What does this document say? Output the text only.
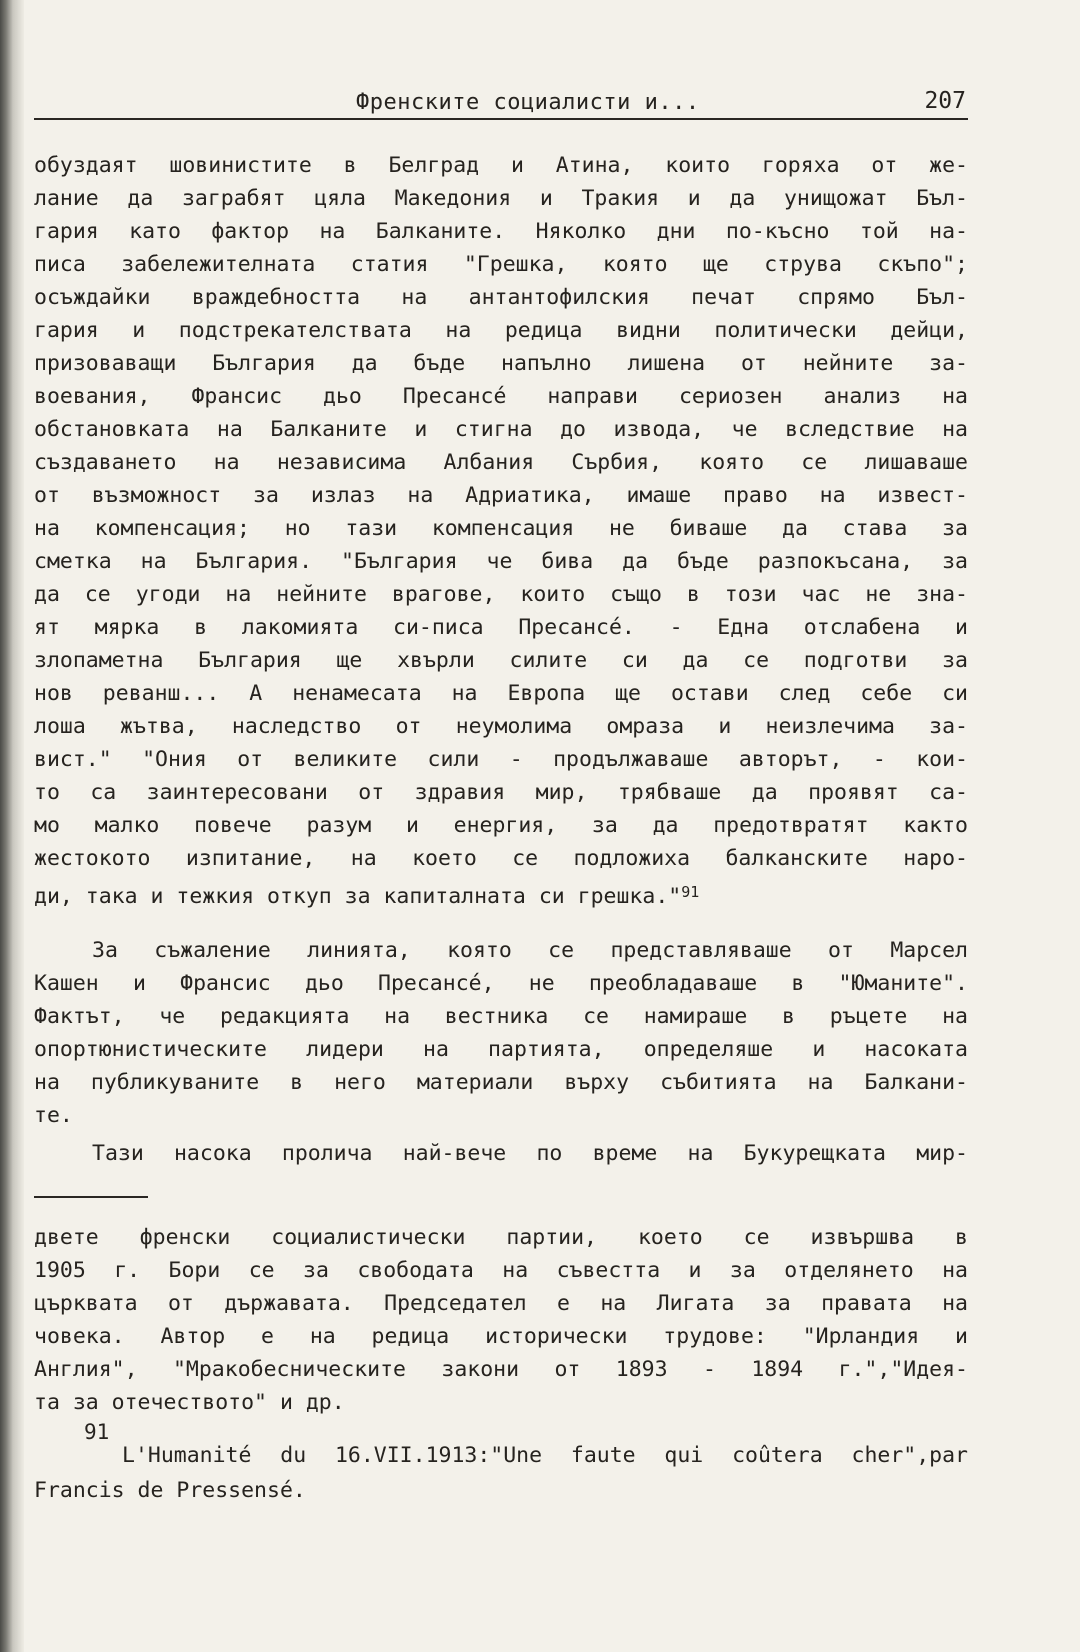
Френските социалисти и...	207
обуздаят шовинистите в Белград и Атина, които горяха от же-
лание да заграбят цяла Македония и Тракия и да унищожат Бъл-
гария като фактор на Балканите. Няколко дни по-късно той на-
писа забележителната статия "Грешка, която ще струва скъпо";
осъждайки враждебността на антантофилския печат спрямо Бъл-
гария и подстрекателствата на редица видни политически дейци,
призоваващи България да бъде напълно лишена от нейните за-
воевания, Франсис дьо Пресансé направи сериозен анализ на
обстановката на Балканите и стигна до извода, че вследствие на
създаването на независима Албания Сърбия, която се лишаваше
от възможност за излаз на Адриатика, имаше право на извест-
на компенсация; но тази компенсация не биваше да става за
сметка на България. "България че бива да бъде разпокъсана, за
да се угоди на нейните врагове, които също в този час не зна-
ят мярка в лакомията си-писа Пресансé. - Една отслабена и
злопаметна България ще хвърли силите си да се подготви за
нов реванш... А ненамесата на Европа ще остави след себе си
лоша жътва, наследство от неумолима омраза и неизлечима за-
вист." "Ония от великите сили - продължаваше авторът, - кои-
то са заинтересовани от здравия мир, трябваше да проявят са-
мо малко повече разум и енергия, за да предотвратят както
жестокото изпитание, на което се подложиха балканските наро-
ди, така и тежкия откуп за капиталната си грешка."$^{91}$
За съжаление линията, която се представляваше от Марсел
Кашен и Франсис дьо Пресансé, не преобладаваше в "Юманите".
Фактът, че редакцията на вестника се намираше в ръцете на
опортюнистическите лидери на партията, определяше и насоката
на публикуваните в него материали върху събитията на Балкани-
те.
Тази насока пролича най-вече по време на Букурещката мир-
двете френски социалистически партии, което се извършва в
1905 г. Бори се за свободата на съвестта и за отделянето на
църквата от държавата. Председател е на Лигата за правата на
човека. Автор е на редица исторически трудове: "Ирландия и
Англия", "Мракобесническите закони от 1893 - 1894 г.","Идея-
та за отечеството" и др.
91
L'Humanité du 16.VII.1913:"Une faute qui coûtera cher",par
Francis de Pressensé.
